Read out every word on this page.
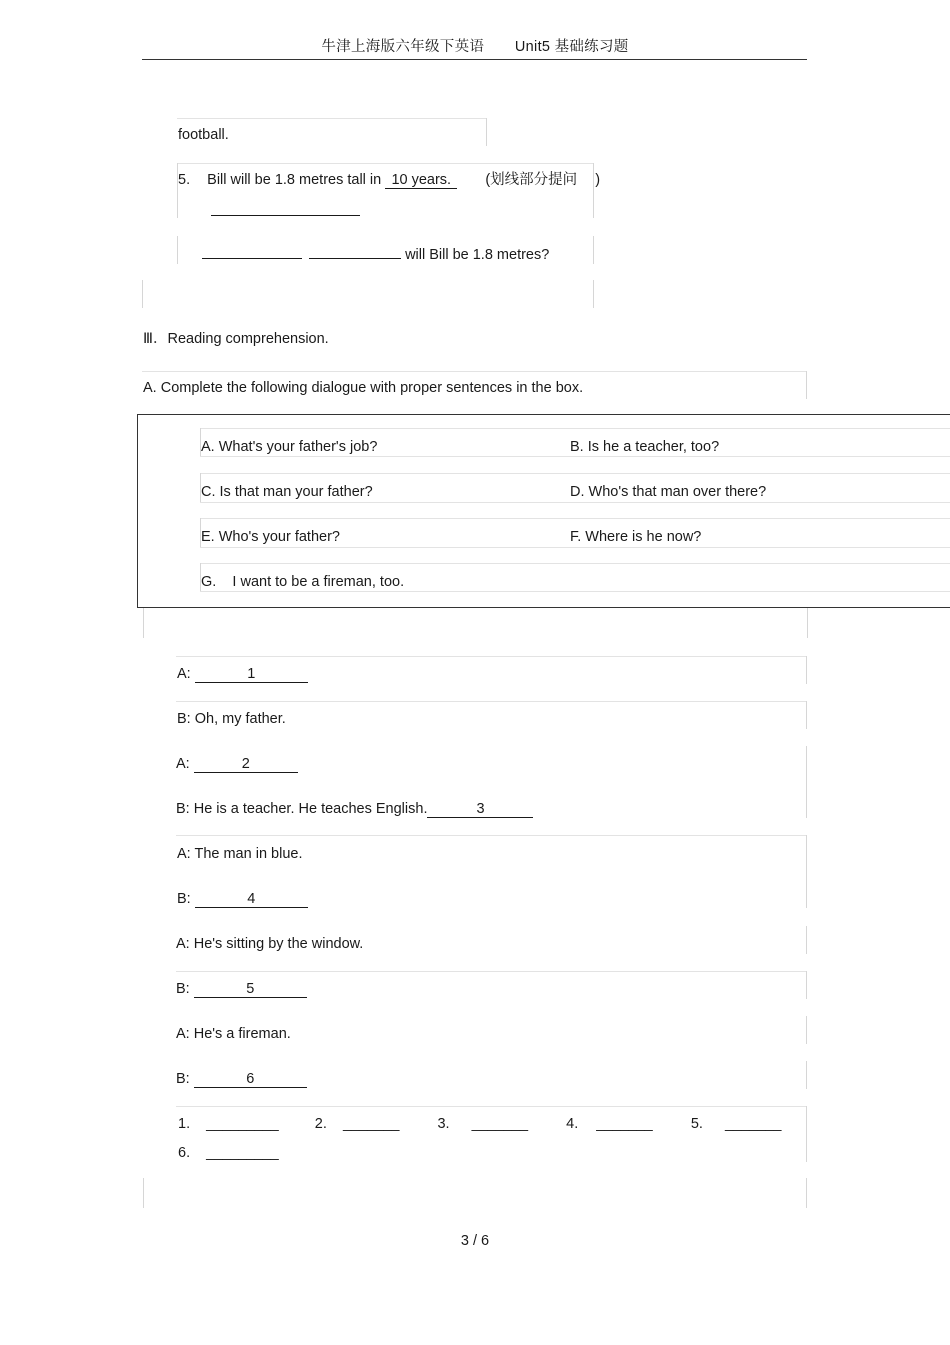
牛津上海版六年级下英语 Unit5 基础练习题
football.
5. Bill will be 1.8 metres tall in 10 years. (划线部分提问 )
will Bill be 1.8 metres?
Ⅲ．Reading comprehension.
A. Complete the following dialogue with proper sentences in the box.
A. What's your father's job?	B. Is he a teacher, too?
C. Is that man your father?	D. Who's that man over there?
E. Who's your father?	F. Where is he now?
G.    I want to be a fireman, too.
A:	1
B: Oh, my father.
A:	2
B: He is a teacher. He teaches English.	3
A: The man in blue.
B:	4
A: He's sitting by the window.
B:	5
A: He's a fireman.
B:	6
1. _________ 2. _______	3. _______	4. _______	5. _______
6. _________
3 / 6
